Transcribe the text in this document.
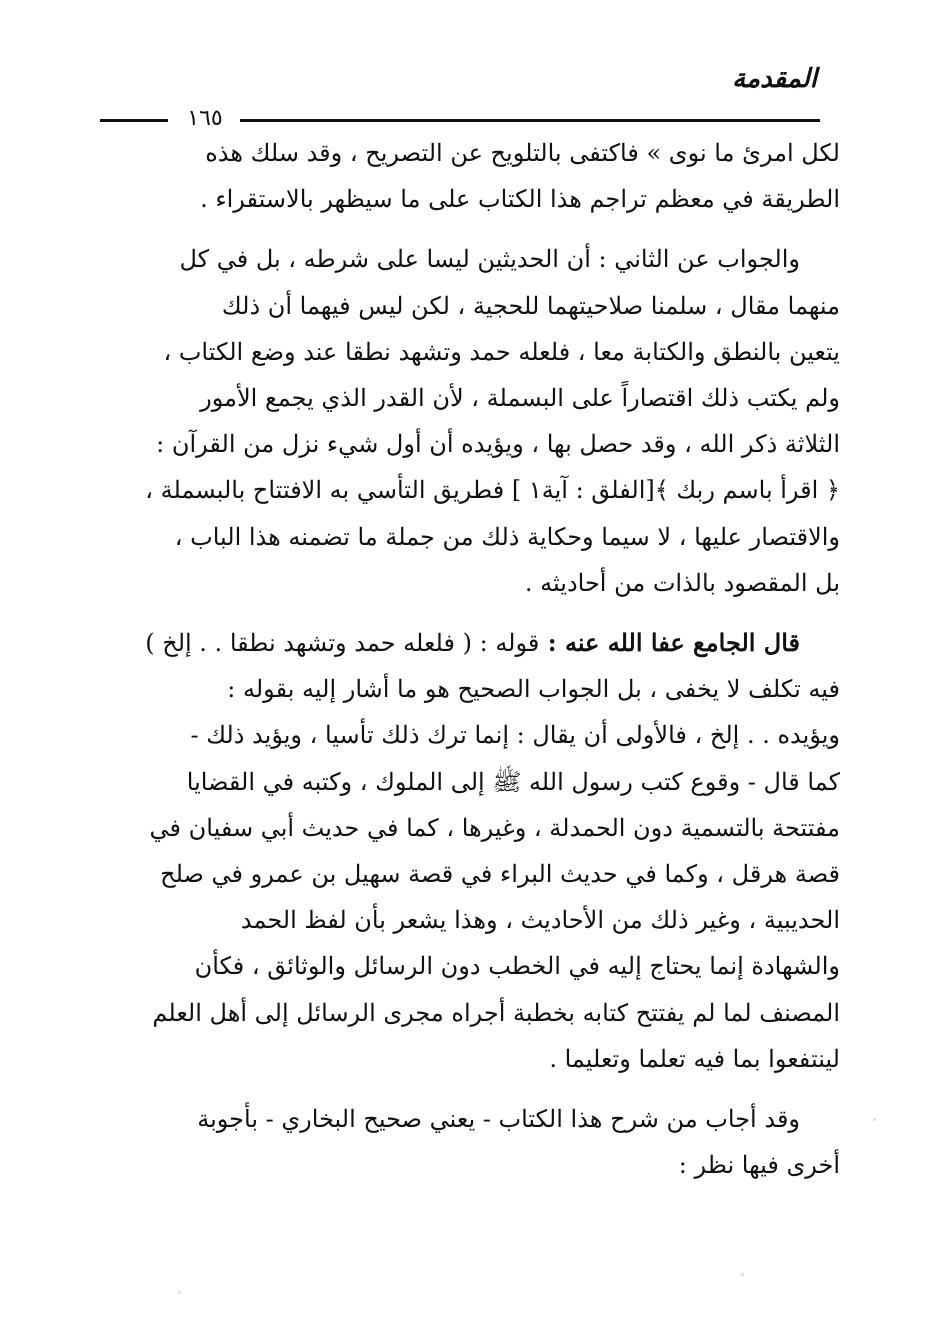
المقدمة
١٦٥
لكل امرئ ما نوى » فاكتفى بالتلويح عن التصريح ، وقد سلك هذه
الطريقة في معظم تراجم هذا الكتاب على ما سيظهر بالاستقراء .
والجواب عن الثاني : أن الحديثين ليسا على شرطه ، بل في كل
منهما مقال ، سلمنا صلاحيتهما للحجية ، لكن ليس فيهما أن ذلك
يتعين بالنطق والكتابة معا ، فلعله حمد وتشهد نطقا عند وضع الكتاب ،
ولم يكتب ذلك اقتصاراً على البسملة ، لأن القدر الذي يجمع الأمور
الثلاثة ذكر الله ، وقد حصل بها ، ويؤيده أن أول شيء نزل من القرآن :
﴿ اقرأ باسم ربك ﴾[الفلق : آية١ ] فطريق التأسي به الافتتاح بالبسملة ،
والاقتصار عليها ، لا سيما وحكاية ذلك من جملة ما تضمنه هذا الباب ،
بل المقصود بالذات من أحاديثه .
قال الجامع عفا الله عنه : قوله : ( فلعله حمد وتشهد نطقا . . إلخ )
فيه تكلف لا يخفى ، بل الجواب الصحيح هو ما أشار إليه بقوله :
ويؤيده . . إلخ ، فالأولى أن يقال : إنما ترك ذلك تأسيا ، ويؤيد ذلك -
كما قال - وقوع كتب رسول الله ﷺ إلى الملوك ، وكتبه في القضايا
مفتتحة بالتسمية دون الحمدلة ، وغيرها ، كما في حديث أبي سفيان في
قصة هرقل ، وكما في حديث البراء في قصة سهيل بن عمرو في صلح
الحديبية ، وغير ذلك من الأحاديث ، وهذا يشعر بأن لفظ الحمد
والشهادة إنما يحتاج إليه في الخطب دون الرسائل والوثائق ، فكأن
المصنف لما لم يفتتح كتابه بخطبة أجراه مجرى الرسائل إلى أهل العلم
لينتفعوا بما فيه تعلما وتعليما .
وقد أجاب من شرح هذا الكتاب - يعني صحيح البخاري - بأجوبة
أخرى فيها نظر :
